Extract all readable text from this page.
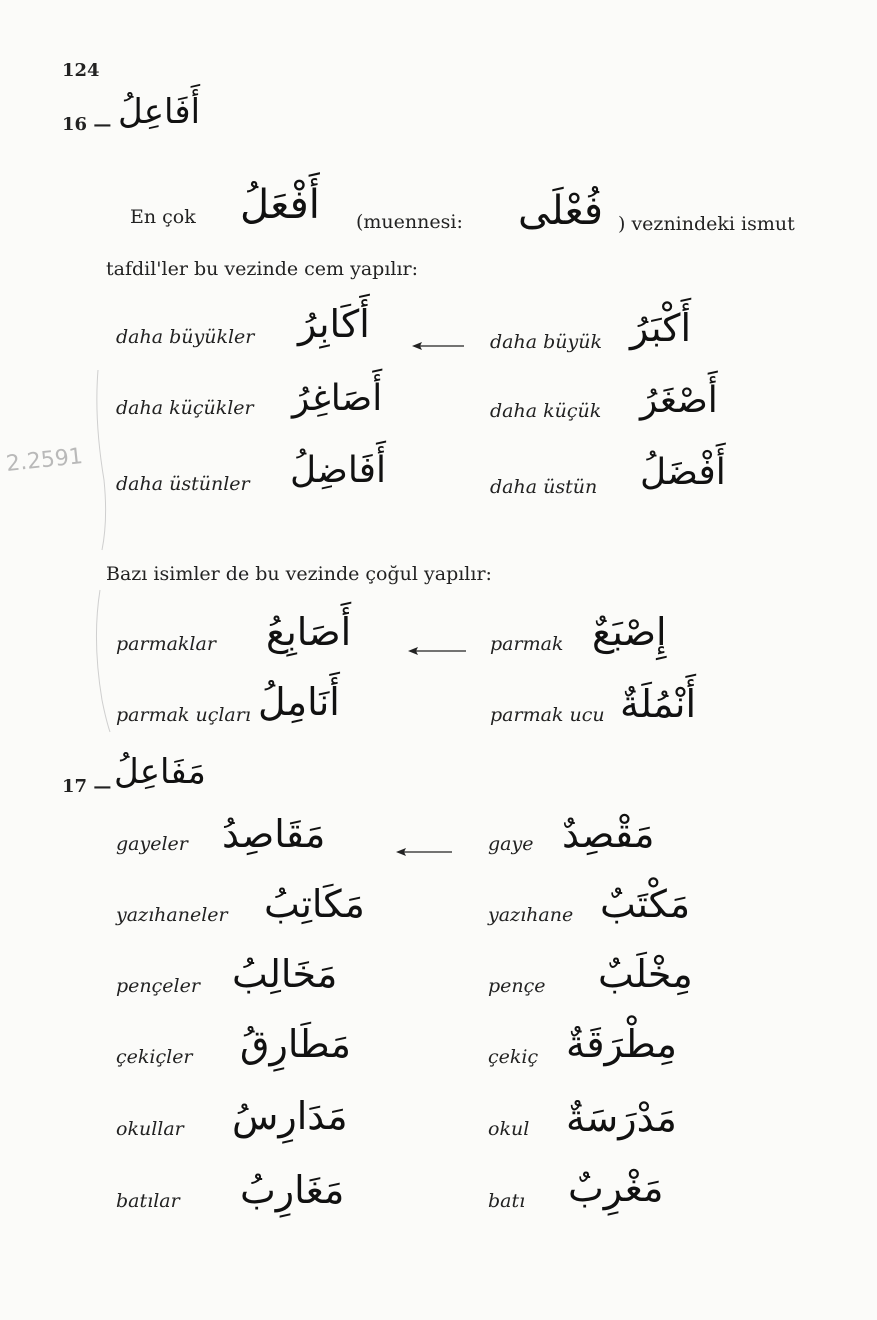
124
16 — أَفَاعِلُ
En çok أَفْعَلُ (muennesi: فُعْلَى ) veznindeki ismut
tafdil'ler bu vezinde cem yapılır:
daha büyükler أَكَابِرُ	daha büyük أَكْبَرُ
daha küçükler أَصَاغِرُ	daha küçük أَصْغَرُ
daha üstünler أَفَاضِلُ	daha üstün أَفْضَلُ
Bazı isimler de bu vezinde çoğul yapılır:
parmaklar أَصَابِعُ	parmak إِصْبَعٌ
parmak uçları أَنَامِلُ	parmak ucu أَنْمُلَةٌ
17 — مَفَاعِلُ
gayeler مَقَاصِدُ	gaye مَقْصِدٌ
yazıhaneler مَكَاتِبُ	yazıhane مَكْتَبٌ
pençeler مَخَالِبُ	pençe مِخْلَبٌ
çekiçler مَطَارِقُ	çekiç مِطْرَقَةٌ
okullar مَدَارِسُ	okul مَدْرَسَةٌ
batılar مَغَارِبُ	batı مَغْرِبٌ
2.2591
